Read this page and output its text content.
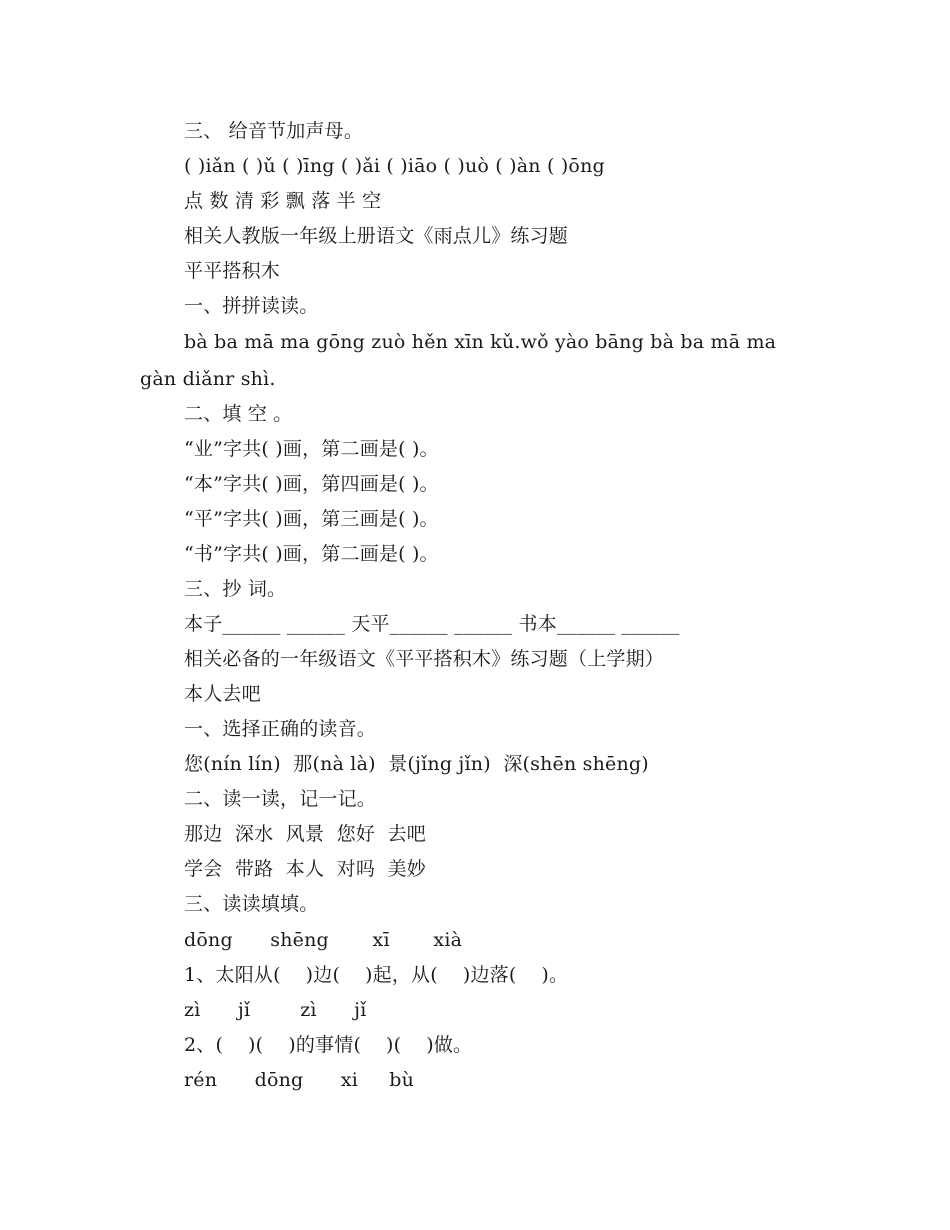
三、 给音节加声母。
( )iǎn ( )ǔ ( )īng ( )ǎi ( )iāo ( )uò ( )àn ( )ōng
点 数 清 彩 飘 落 半 空
相关人教版一年级上册语文《雨点儿》练习题
平平搭积木
一、拼拼读读。
bà ba mā ma gōng zuò hěn xīn kǔ.wǒ yào bāng bà ba mā ma
gàn diǎnr shì.
二、填 空 。
“业”字共( )画，第二画是( )。
“本”字共( )画，第四画是( )。
“平”字共( )画，第三画是( )。
“书”字共( )画，第二画是( )。
三、抄 词。
本子______ ______ 天平______ ______ 书本______ ______
相关必备的一年级语文《平平搭积木》练习题（上学期）
本人去吧
一、选择正确的读音。
您(nín lín)  那(nà là)  景(jǐng jǐn)  深(shēn shēng)
二、读一读，记一记。
那边  深水  风景  您好  去吧
学会  带路  本人  对吗  美妙
三、读读填填。
dōng      shēng       xī       xià
1、太阳从(    )边(    )起，从(    )边落(    )。
zì      jǐ        zì      jǐ
2、(    )(    )的事情(    )(    )做。
rén      dōng      xi     bù
